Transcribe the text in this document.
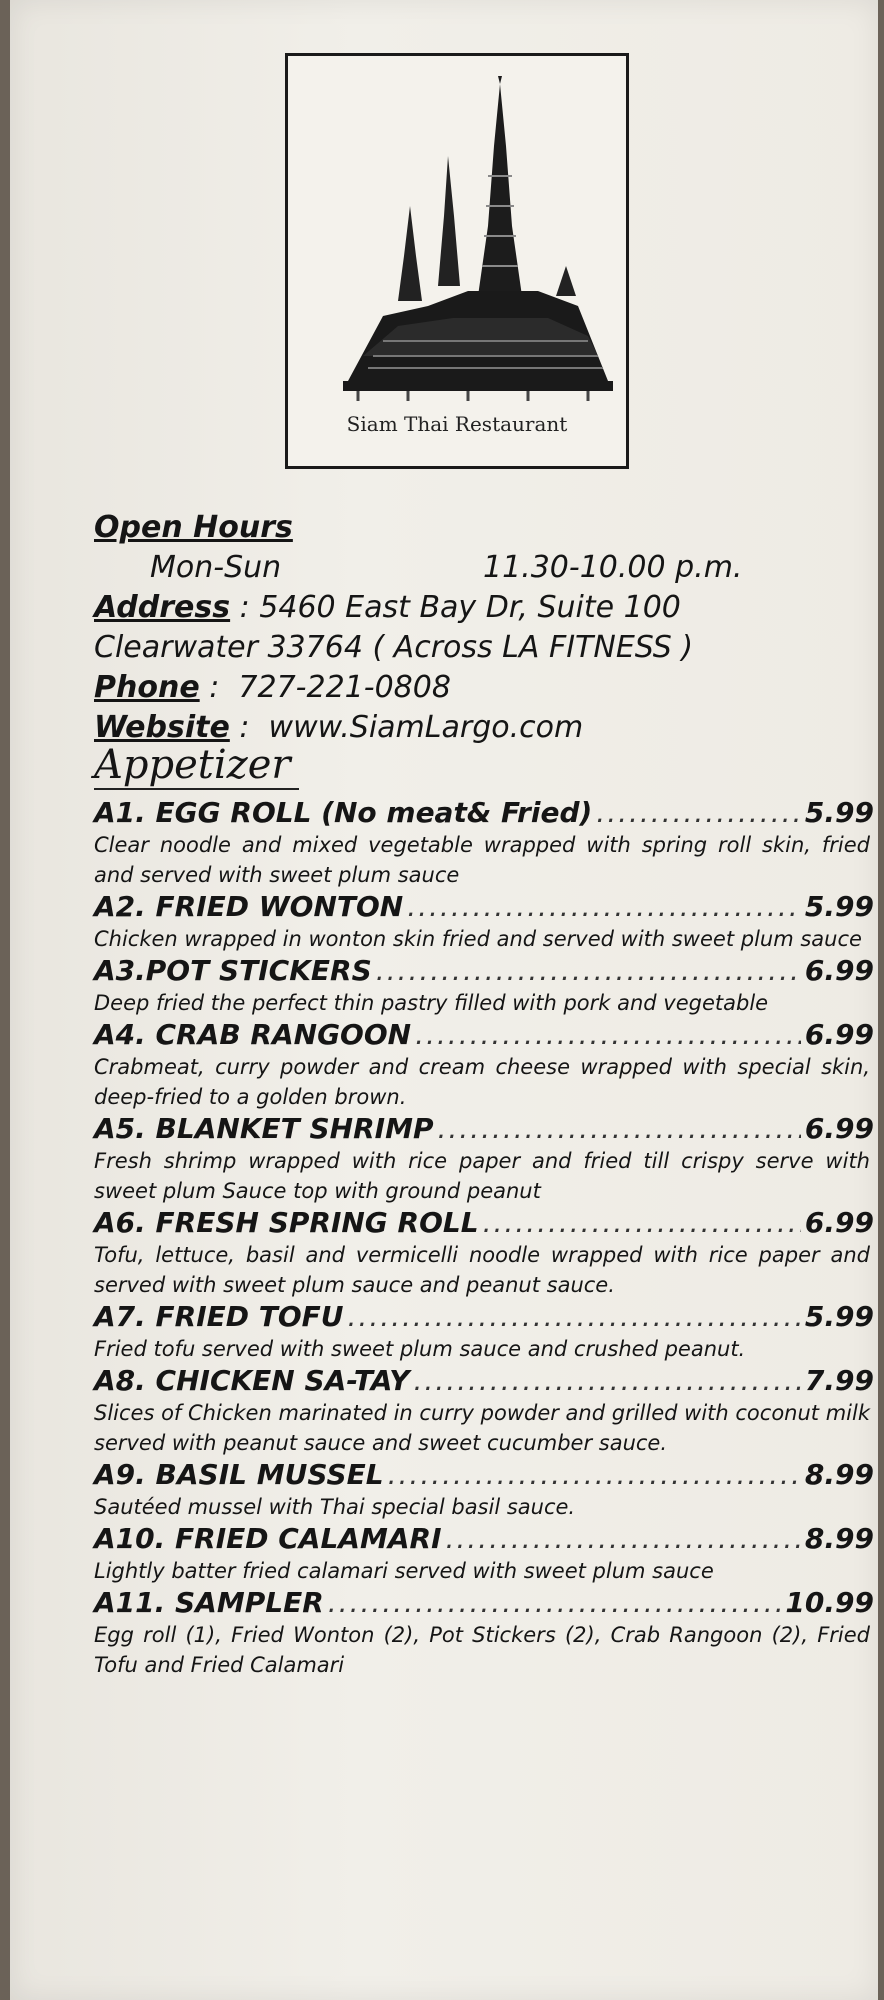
Siam Thai Restaurant
Open Hours
Mon-Sun	11.30-10.00 p.m.
Address : 5460 East Bay Dr, Suite 100
Clearwater 33764 ( Across LA FITNESS )
Phone :  727-221-0808
Website :  www.SiamLargo.com
Appetizer
A1. EGG ROLL (No meat& Fried) .....	5.99
Clear noodle and mixed vegetable wrapped with spring roll skin, fried and served with sweet plum sauce
A2. FRIED WONTON .....	5.99
Chicken wrapped in wonton skin fried and served with sweet plum sauce
A3.POT STICKERS .....	6.99
Deep fried the perfect thin pastry filled with pork and vegetable
A4. CRAB RANGOON .....	6.99
Crabmeat, curry powder and cream cheese wrapped with special skin, deep-fried to a golden brown.
A5. BLANKET SHRIMP .....	6.99
Fresh shrimp wrapped with rice paper and fried till crispy serve with sweet plum Sauce top with ground peanut
A6. FRESH SPRING ROLL .....	6.99
Tofu, lettuce, basil and vermicelli noodle wrapped with rice paper and served with sweet plum sauce and peanut sauce.
A7. FRIED TOFU .....	5.99
Fried tofu served with sweet plum sauce and crushed peanut.
A8. CHICKEN SA-TAY .....	7.99
Slices of Chicken marinated in curry powder and grilled with coconut milk served with peanut sauce and sweet cucumber sauce.
A9. BASIL MUSSEL .....	8.99
Sautéed mussel with Thai special basil sauce.
A10. FRIED CALAMARI .....	8.99
Lightly batter fried calamari served with sweet plum sauce
A11. SAMPLER .....	10.99
Egg roll (1), Fried Wonton (2), Pot Stickers (2), Crab Rangoon (2), Fried Tofu and Fried Calamari
